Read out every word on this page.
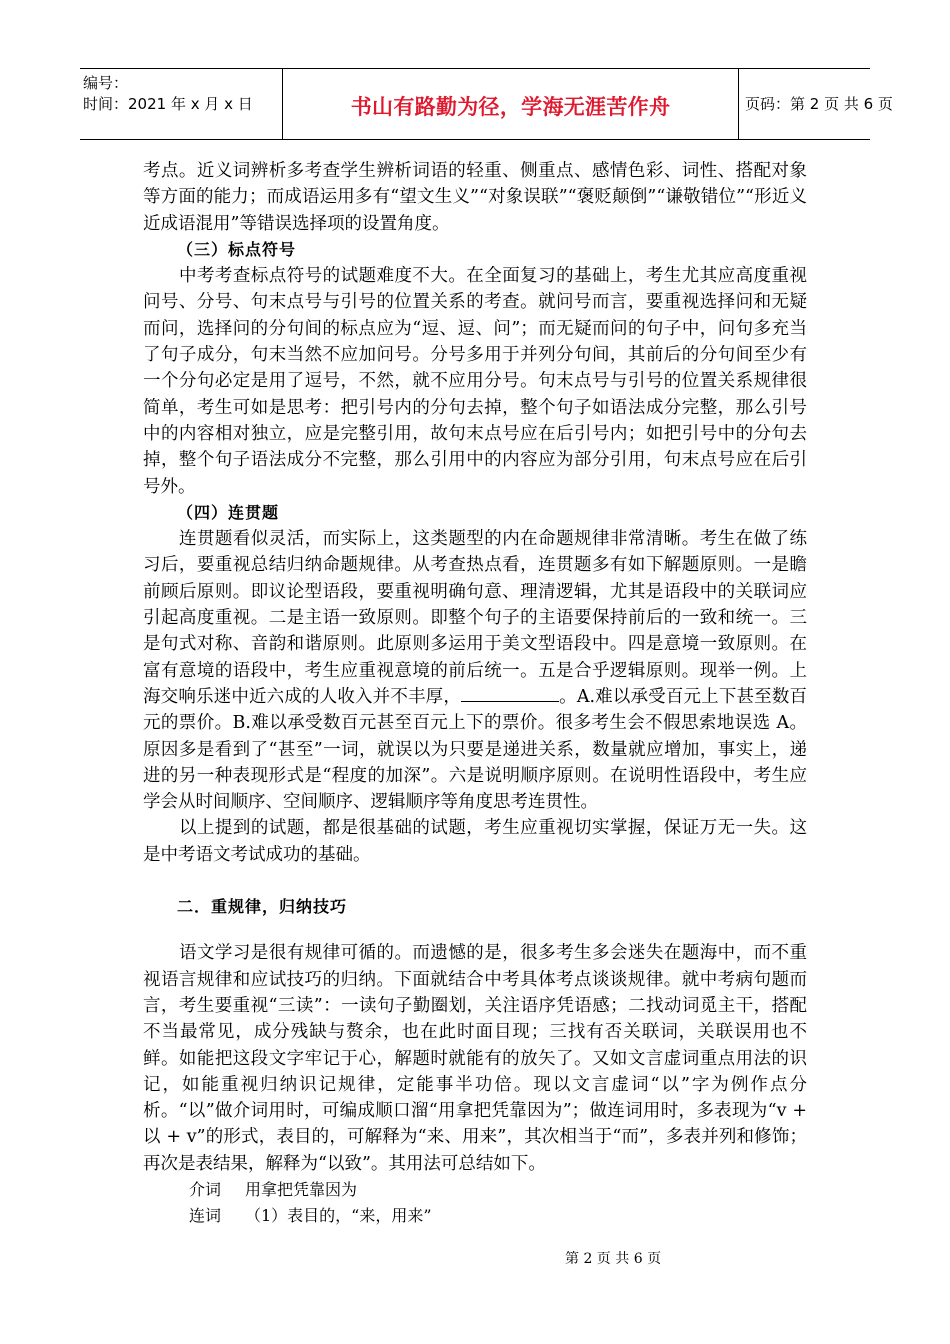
编号：
时间：2021 年 x 月 x 日	书山有路勤为径，学海无涯苦作舟	页码：第 2 页 共 6 页

考点。近义词辨析多考查学生辨析词语的轻重、侧重点、感情色彩、词性、搭配对象等方面的能力；而成语运用多有“望文生义”“对象误联”“褒贬颠倒”“谦敬错位”“形近义近成语混用”等错误选择项的设置角度。

（三）标点符号

中考考查标点符号的试题难度不大。在全面复习的基础上，考生尤其应高度重视问号、分号、句末点号与引号的位置关系的考查。就问号而言，要重视选择问和无疑而问，选择问的分句间的标点应为“逗、逗、问”；而无疑而问的句子中，问句多充当了句子成分，句末当然不应加问号。分号多用于并列分句间，其前后的分句间至少有一个分句必定是用了逗号，不然，就不应用分号。句末点号与引号的位置关系规律很简单，考生可如是思考：把引号内的分句去掉，整个句子如语法成分完整，那么引号中的内容相对独立，应是完整引用，故句末点号应在后引号内；如把引号中的分句去掉，整个句子语法成分不完整，那么引用中的内容应为部分引用，句末点号应在后引号外。

（四）连贯题

连贯题看似灵活，而实际上，这类题型的内在命题规律非常清晰。考生在做了练习后，要重视总结归纳命题规律。从考查热点看，连贯题多有如下解题原则。一是瞻前顾后原则。即议论型语段，要重视明确句意、理清逻辑，尤其是语段中的关联词应引起高度重视。二是主语一致原则。即整个句子的主语要保持前后的一致和统一。三是句式对称、音韵和谐原则。此原则多运用于美文型语段中。四是意境一致原则。在富有意境的语段中，考生应重视意境的前后统一。五是合乎逻辑原则。现举一例。上海交响乐迷中近六成的人收入并不丰厚，	。A.难以承受百元上下甚至数百元的票价。B.难以承受数百元甚至百元上下的票价。很多考生会不假思索地误选 A。原因多是看到了“甚至”一词，就误以为只要是递进关系，数量就应增加，事实上，递进的另一种表现形式是“程度的加深”。六是说明顺序原则。在说明性语段中，考生应学会从时间顺序、空间顺序、逻辑顺序等角度思考连贯性。

以上提到的试题，都是很基础的试题，考生应重视切实掌握，保证万无一失。这是中考语文考试成功的基础。

二．重规律，归纳技巧

语文学习是很有规律可循的。而遗憾的是，很多考生多会迷失在题海中，而不重视语言规律和应试技巧的归纳。下面就结合中考具体考点谈谈规律。就中考病句题而言，考生要重视“三读”：一读句子勤圈划，关注语序凭语感；二找动词觅主干，搭配不当最常见，成分残缺与赘余，也在此时面目现；三找有否关联词，关联误用也不鲜。如能把这段文字牢记于心，解题时就能有的放矢了。又如文言虚词重点用法的识记，如能重视归纳识记规律，定能事半功倍。现以文言虚词“以”字为例作点分析。“以”做介词用时，可编成顺口溜“用拿把凭靠因为”；做连词用时，多表现为“v + 以 + v”的形式，表目的，可解释为“来、用来”，其次相当于“而”，多表并列和修饰；再次是表结果，解释为“以致”。其用法可总结如下。

介词 用拿把凭靠因为

连词 （1）表目的，“来，用来”

第 2 页 共 6 页
